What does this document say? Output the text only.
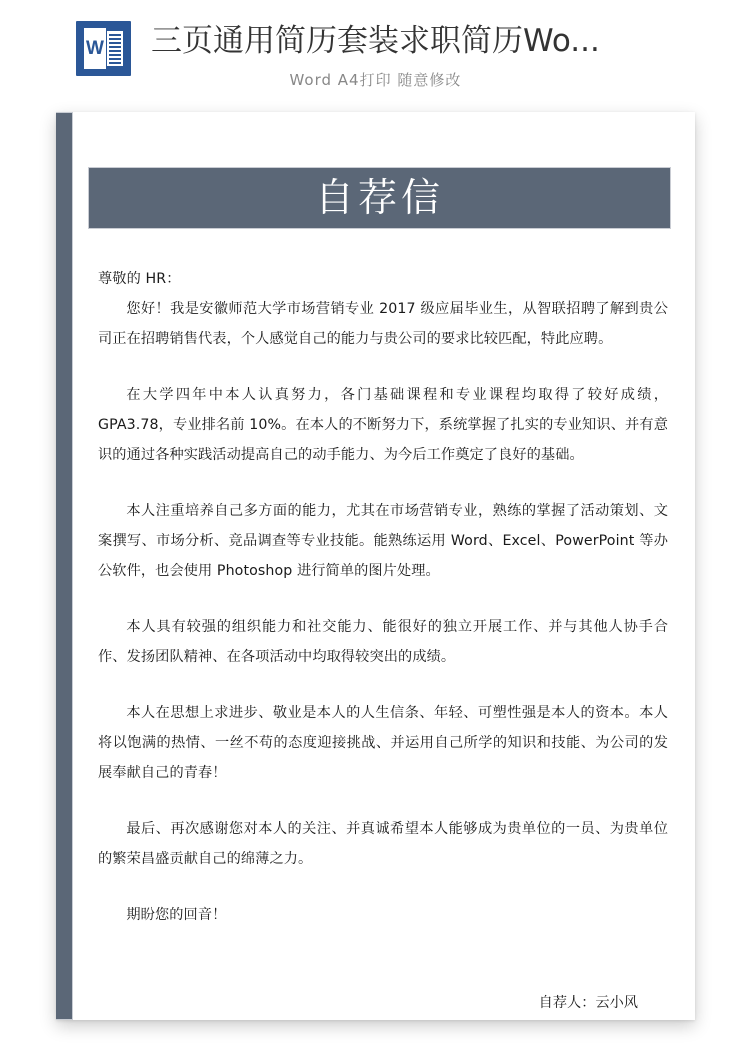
W 三页通用简历套装求职简历Wo...
Word A4打印 随意修改
自荐信

尊敬的 HR：

您好！我是安徽师范大学市场营销专业 2017 级应届毕业生，从智联招聘了解到贵公司正在招聘销售代表，个人感觉自己的能力与贵公司的要求比较匹配，特此应聘。

在大学四年中本人认真努力，各门基础课程和专业课程均取得了较好成绩，GPA3.78，专业排名前 10%。在本人的不断努力下，系统掌握了扎实的专业知识、并有意识的通过各种实践活动提高自己的动手能力、为今后工作奠定了良好的基础。

本人注重培养自己多方面的能力，尤其在市场营销专业，熟练的掌握了活动策划、文案撰写、市场分析、竞品调查等专业技能。能熟练运用 Word、Excel、PowerPoint 等办公软件，也会使用 Photoshop 进行简单的图片处理。

本人具有较强的组织能力和社交能力、能很好的独立开展工作、并与其他人协手合作、发扬团队精神、在各项活动中均取得较突出的成绩。

本人在思想上求进步、敬业是本人的人生信条、年轻、可塑性强是本人的资本。本人将以饱满的热情、一丝不苟的态度迎接挑战、并运用自己所学的知识和技能、为公司的发展奉献自己的青春！

最后、再次感谢您对本人的关注、并真诚希望本人能够成为贵单位的一员、为贵单位的繁荣昌盛贡献自己的绵薄之力。

期盼您的回音！

自荐人：云小风
